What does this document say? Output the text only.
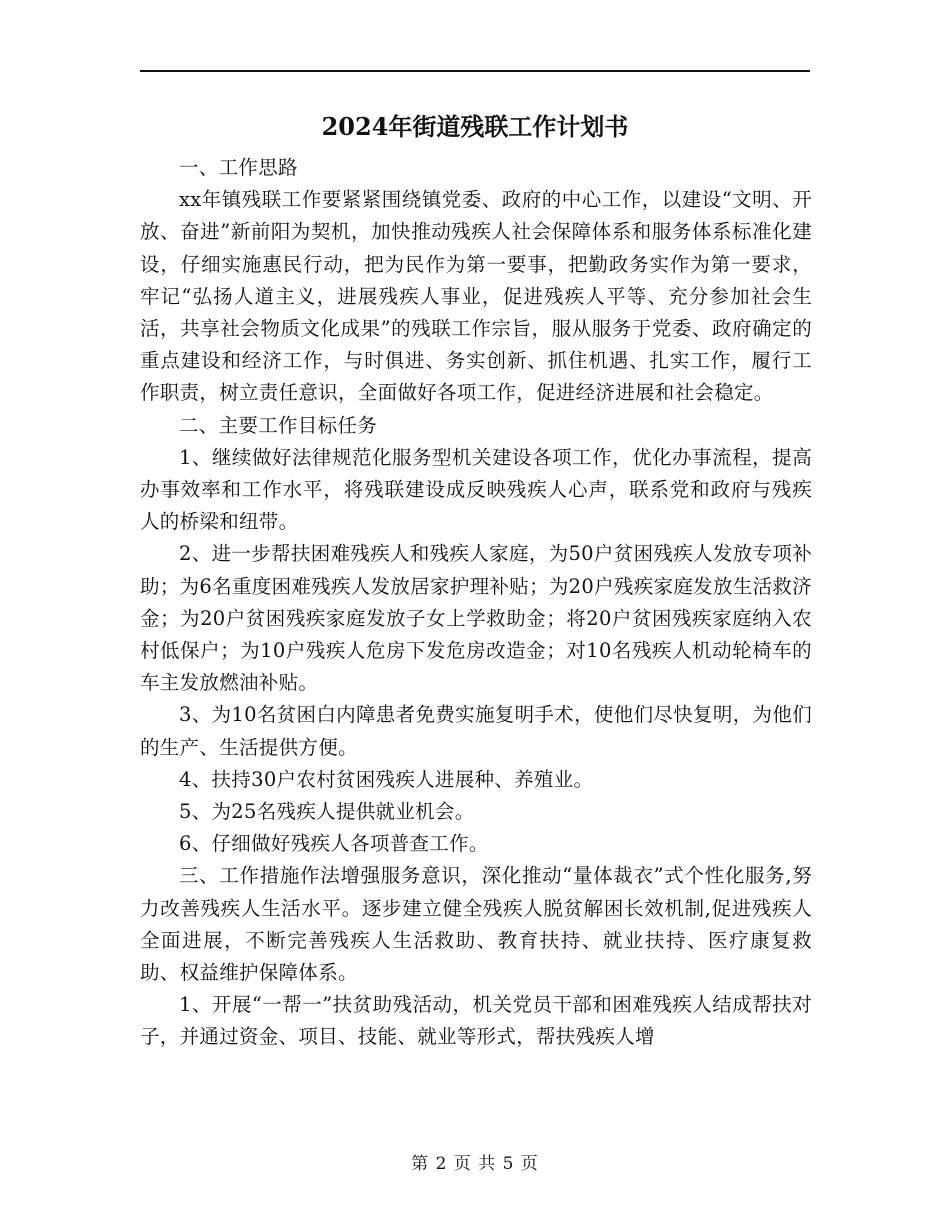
2024年街道残联工作计划书

一、工作思路

xx年镇残联工作要紧紧围绕镇党委、政府的中心工作，以建设“文明、开放、奋进”新前阳为契机，加快推动残疾人社会保障体系和服务体系标准化建设，仔细实施惠民行动，把为民作为第一要事，把勤政务实作为第一要求，牢记“弘扬人道主义，进展残疾人事业，促进残疾人平等、充分参加社会生活，共享社会物质文化成果”的残联工作宗旨，服从服务于党委、政府确定的重点建设和经济工作，与时俱进、务实创新、抓住机遇、扎实工作，履行工作职责，树立责任意识，全面做好各项工作，促进经济进展和社会稳定。

二、主要工作目标任务

1、继续做好法律规范化服务型机关建设各项工作，优化办事流程，提高办事效率和工作水平，将残联建设成反映残疾人心声，联系党和政府与残疾人的桥梁和纽带。

2、进一步帮扶困难残疾人和残疾人家庭，为50户贫困残疾人发放专项补助；为6名重度困难残疾人发放居家护理补贴；为20户残疾家庭发放生活救济金；为20户贫困残疾家庭发放子女上学救助金；将20户贫困残疾家庭纳入农村低保户；为10户残疾人危房下发危房改造金；对10名残疾人机动轮椅车的车主发放燃油补贴。

3、为10名贫困白内障患者免费实施复明手术，使他们尽快复明，为他们的生产、生活提供方便。

4、扶持30户农村贫困残疾人进展种、养殖业。

5、为25名残疾人提供就业机会。

6、仔细做好残疾人各项普查工作。

三、工作措施作法增强服务意识，深化推动“量体裁衣”式个性化服务,努力改善残疾人生活水平。逐步建立健全残疾人脱贫解困长效机制,促进残疾人全面进展，不断完善残疾人生活救助、教育扶持、就业扶持、医疗康复救助、权益维护保障体系。

1、开展“一帮一”扶贫助残活动，机关党员干部和困难残疾人结成帮扶对子，并通过资金、项目、技能、就业等形式，帮扶残疾人增

第 2 页 共 5 页
